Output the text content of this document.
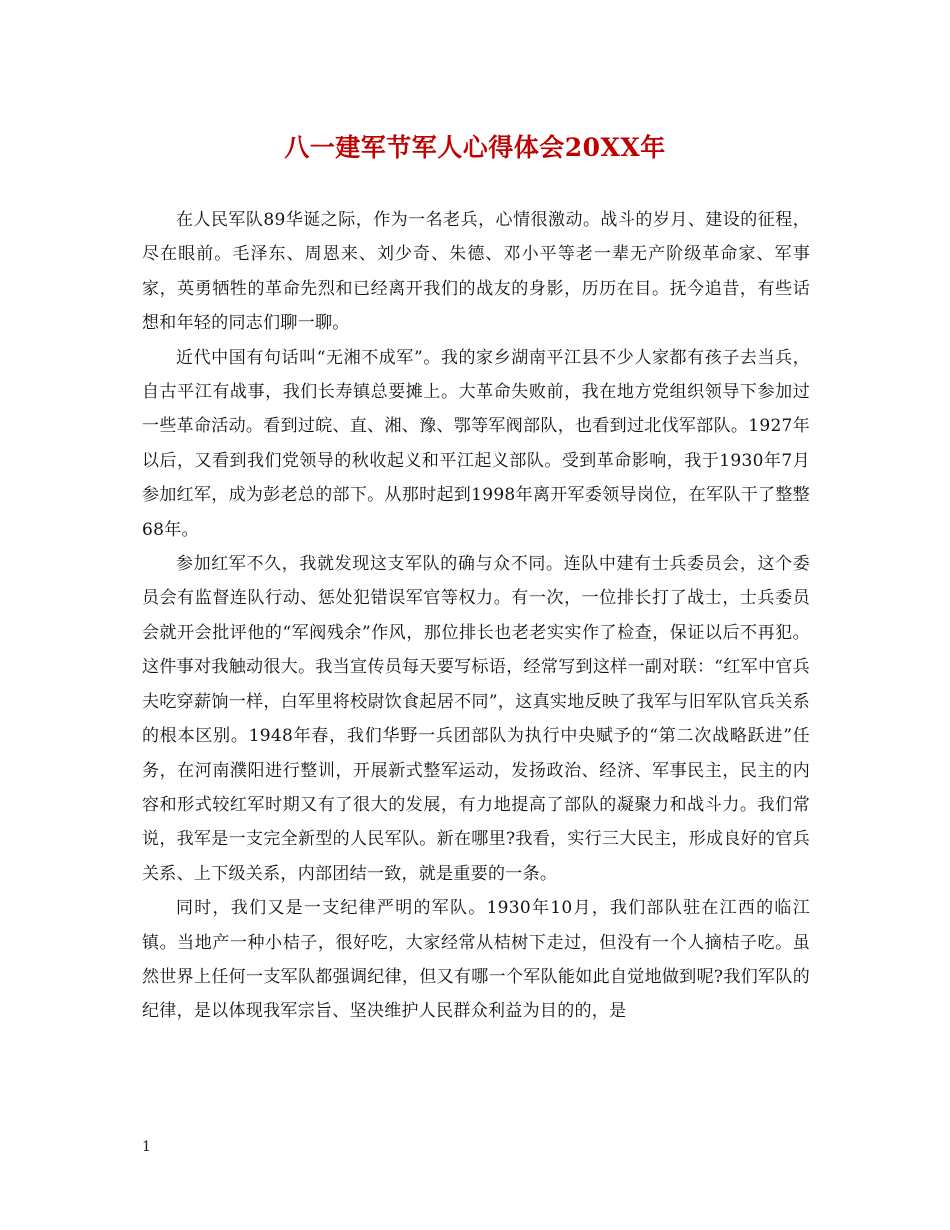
八一建军节军人心得体会20XX年

在人民军队89华诞之际，作为一名老兵，心情很激动。战斗的岁月、建设的征程，尽在眼前。毛泽东、周恩来、刘少奇、朱德、邓小平等老一辈无产阶级革命家、军事家，英勇牺牲的革命先烈和已经离开我们的战友的身影，历历在目。抚今追昔，有些话想和年轻的同志们聊一聊。

近代中国有句话叫“无湘不成军”。我的家乡湖南平江县不少人家都有孩子去当兵，自古平江有战事，我们长寿镇总要摊上。大革命失败前，我在地方党组织领导下参加过一些革命活动。看到过皖、直、湘、豫、鄂等军阀部队，也看到过北伐军部队。1927年以后，又看到我们党领导的秋收起义和平江起义部队。受到革命影响，我于1930年7月参加红军，成为彭老总的部下。从那时起到1998年离开军委领导岗位，在军队干了整整68年。

参加红军不久，我就发现这支军队的确与众不同。连队中建有士兵委员会，这个委员会有监督连队行动、惩处犯错误军官等权力。有一次，一位排长打了战士，士兵委员会就开会批评他的“军阀残余”作风，那位排长也老老实实作了检查，保证以后不再犯。这件事对我触动很大。我当宣传员每天要写标语，经常写到这样一副对联：“红军中官兵夫吃穿薪饷一样，白军里将校尉饮食起居不同”，这真实地反映了我军与旧军队官兵关系的根本区别。1948年春，我们华野一兵团部队为执行中央赋予的“第二次战略跃进”任务，在河南濮阳进行整训，开展新式整军运动，发扬政治、经济、军事民主，民主的内容和形式较红军时期又有了很大的发展，有力地提高了部队的凝聚力和战斗力。我们常说，我军是一支完全新型的人民军队。新在哪里?我看，实行三大民主，形成良好的官兵关系、上下级关系，内部团结一致，就是重要的一条。

同时，我们又是一支纪律严明的军队。1930年10月，我们部队驻在江西的临江镇。当地产一种小桔子，很好吃，大家经常从桔树下走过，但没有一个人摘桔子吃。虽然世界上任何一支军队都强调纪律，但又有哪一个军队能如此自觉地做到呢?我们军队的纪律，是以体现我军宗旨、坚决维护人民群众利益为目的的，是

1
